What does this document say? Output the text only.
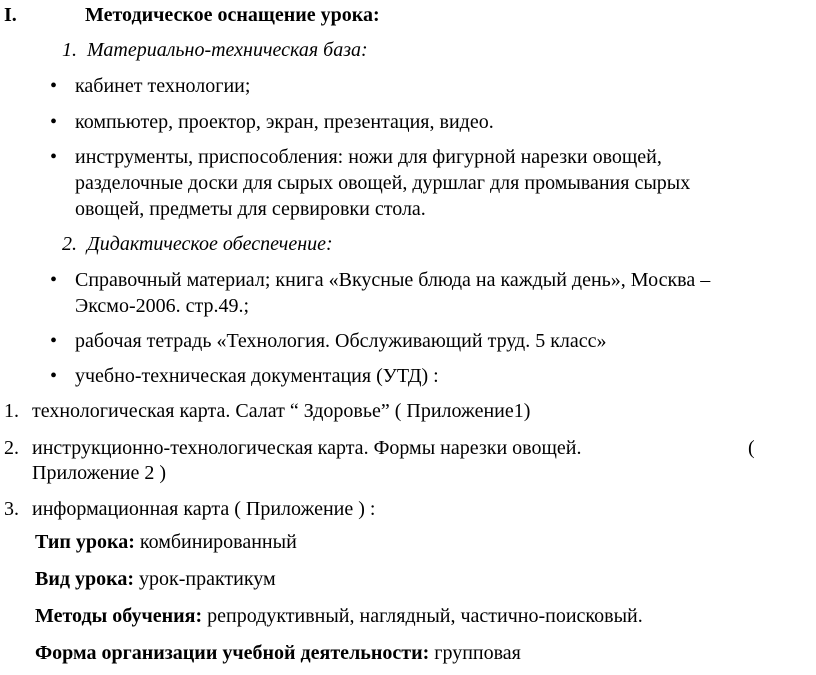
I.	Методическое оснащение урока:
1. Материально-техническая база:
• кабинет технологии;
• компьютер, проектор, экран, презентация, видео.
• инструменты, приспособления: ножи для фигурной нарезки овощей,
разделочные доски для сырых овощей, дуршлаг для промывания сырых
овощей, предметы для сервировки стола.
2. Дидактическое обеспечение:
• Справочный материал; книга «Вкусные блюда на каждый день», Москва –
Эксмо-2006. стр.49.;
• рабочая тетрадь «Технология. Обслуживающий труд. 5 класс»
• учебно-техническая документация (УТД) :
1. технологическая карта. Салат “ Здоровье” ( Приложение1)
2. инструкционно-технологическая карта. Формы нарезки овощей.	(
Приложение 2 )
3. информационная карта ( Приложение ) :
Тип урока: комбинированный
Вид урока: урок-практикум
Методы обучения: репродуктивный, наглядный, частично-поисковый.
Форма организации учебной деятельности: групповая
